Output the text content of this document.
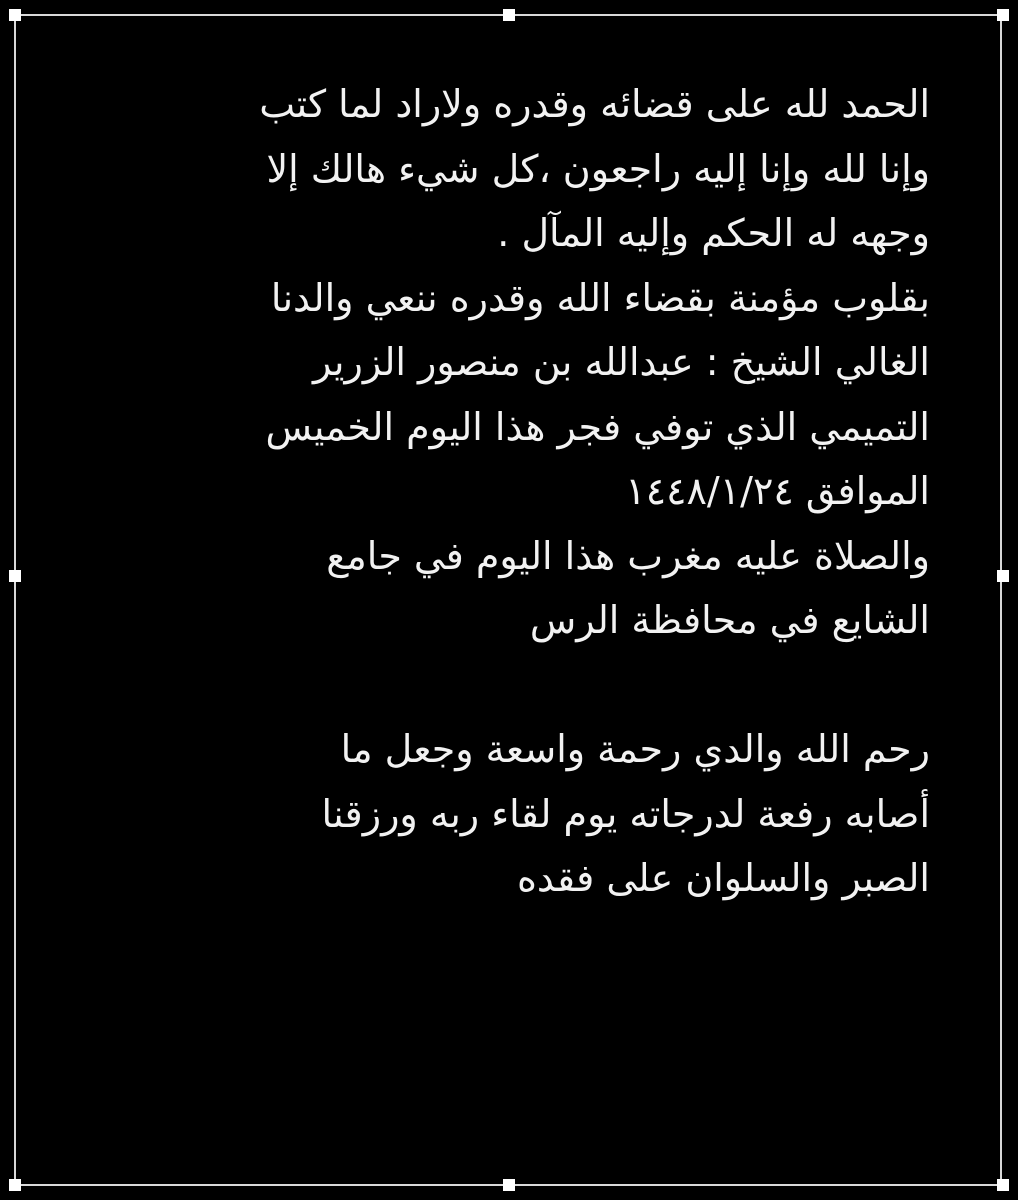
الحمد لله على قضائه وقدره ولاراد لما كتب
وإنا لله وإنا إليه راجعون ،كل شيء هالك إلا
وجهه له الحكم وإليه المآل .
بقلوب مؤمنة بقضاء الله وقدره ننعي والدنا
الغالي الشيخ : عبدالله بن منصور الزرير
التميمي الذي توفي فجر هذا اليوم الخميس
الموافق ١٤٤٨/١/٢٤
والصلاة عليه مغرب هذا اليوم في جامع
الشايع في محافظة الرس
رحم الله والدي رحمة واسعة وجعل ما
أصابه رفعة لدرجاته يوم لقاء ربه ورزقنا
الصبر والسلوان على فقده
